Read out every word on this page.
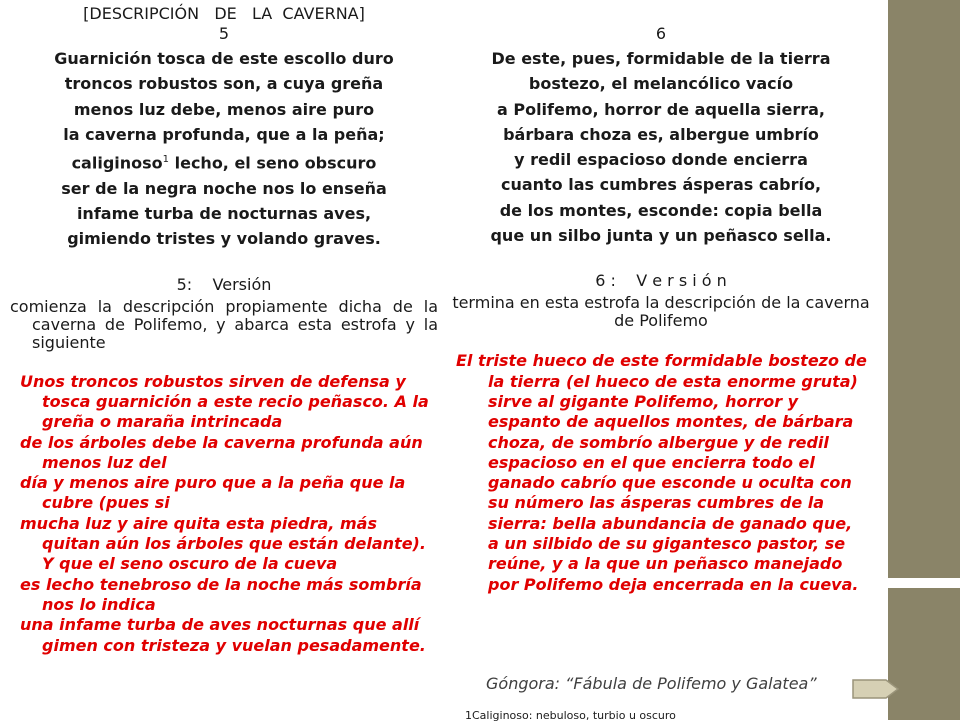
[DESCRIPCIÓN   DE   LA  CAVERNA]
5
Guarnición tosca de este escollo duro
troncos robustos son, a cuya greña
menos luz debe, menos aire puro
la caverna profunda, que a la peña;
caliginoso$^1$ lecho, el seno obscuro
ser de la negra noche nos lo enseña
infame turba de nocturnas aves,
gimiendo tristes y volando graves.
5:    Versión

comienza la descripción propiamente dicha de la caverna de Polifemo, y abarca esta estrofa y la siguiente

Unos troncos robustos sirven de defensa y tosca guarnición a este recio peñasco. A la greña o maraña intrincada
de los árboles debe la caverna profunda aún menos luz del
día y menos aire puro que a la peña que la cubre (pues si
mucha luz y aire quita esta piedra, más quitan aún los árboles que están delante). Y que el seno oscuro de la cueva
es lecho tenebroso de la noche más sombría nos lo indica
una infame turba de aves nocturnas que allí gimen con tristeza y vuelan pesadamente.
6
De este, pues, formidable de la tierra
bostezo, el melancólico vacío
a Polifemo, horror de aquella sierra,
bárbara choza es, albergue umbrío
y redil espacioso donde encierra
cuanto las cumbres ásperas cabrío,
de los montes, esconde: copia bella
que un silbo junta y un peñasco sella.
6 :    V e r s i ó n

termina en esta estrofa la descripción de la caverna de Polifemo

El triste hueco de este formidable bostezo de la tierra (el hueco de esta enorme gruta) sirve al gigante Polifemo, horror y espanto de aquellos montes, de bárbara choza, de sombrío albergue y de redil espacioso en el que encierra todo el ganado cabrío que esconde u oculta con su número las ásperas cumbres de la sierra: bella abundancia de ganado que, a un silbido de su gigantesco pastor, se reúne, y a la que un peñasco manejado por Polifemo deja encerrada en la cueva.

Góngora: “Fábula de Polifemo y Galatea”
1Caliginoso: nebuloso, turbio u oscuro
